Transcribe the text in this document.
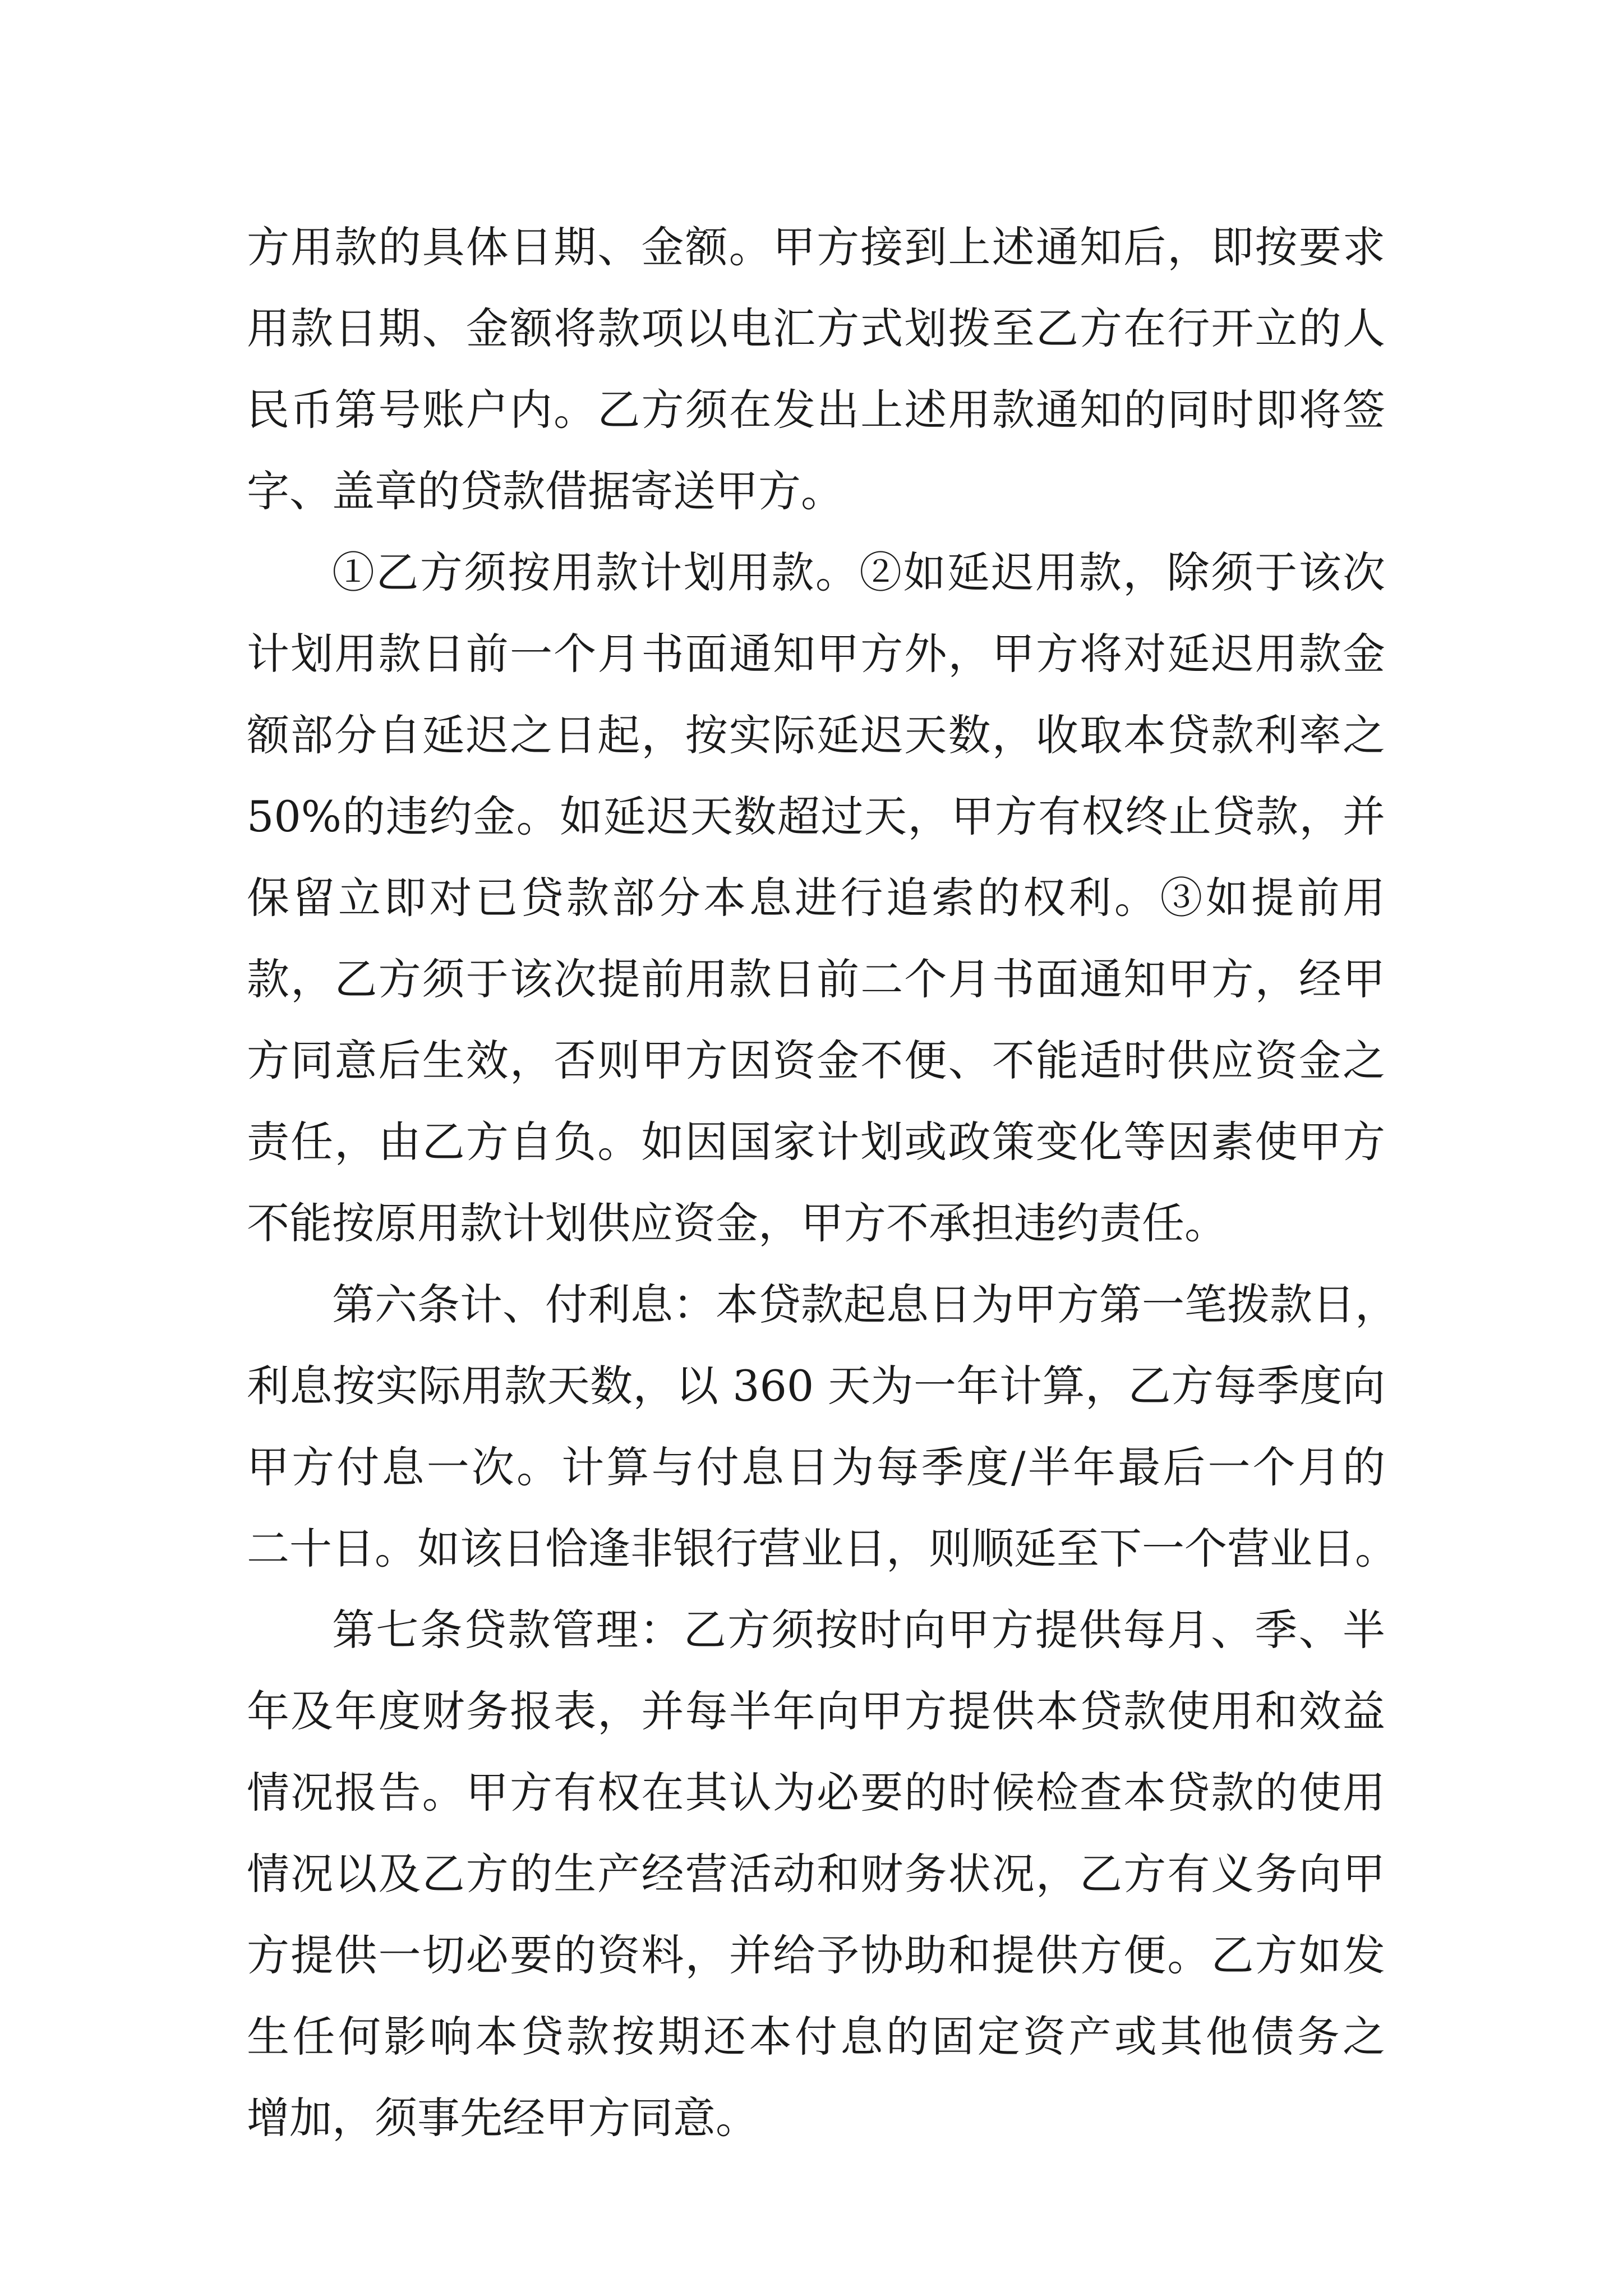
方用款的具体日期、金额。甲方接到上述通知后，即按要求
用款日期、金额将款项以电汇方式划拨至乙方在行开立的人
民币第号账户内。乙方须在发出上述用款通知的同时即将签
字、盖章的贷款借据寄送甲方。
①乙方须按用款计划用款。②如延迟用款，除须于该次
计划用款日前一个月书面通知甲方外，甲方将对延迟用款金
额部分自延迟之日起，按实际延迟天数，收取本贷款利率之
50%的违约金。如延迟天数超过天，甲方有权终止贷款，并
保留立即对已贷款部分本息进行追索的权利。③如提前用
款，乙方须于该次提前用款日前二个月书面通知甲方，经甲
方同意后生效，否则甲方因资金不便、不能适时供应资金之
责任，由乙方自负。如因国家计划或政策变化等因素使甲方
不能按原用款计划供应资金，甲方不承担违约责任。
第六条计、付利息：本贷款起息日为甲方第一笔拨款日，
利息按实际用款天数，以 360 天为一年计算，乙方每季度向
甲方付息一次。计算与付息日为每季度/半年最后一个月的
二十日。如该日恰逢非银行营业日，则顺延至下一个营业日。
第七条贷款管理：乙方须按时向甲方提供每月、季、半
年及年度财务报表，并每半年向甲方提供本贷款使用和效益
情况报告。甲方有权在其认为必要的时候检查本贷款的使用
情况以及乙方的生产经营活动和财务状况，乙方有义务向甲
方提供一切必要的资料，并给予协助和提供方便。乙方如发
生任何影响本贷款按期还本付息的固定资产或其他债务之
增加，须事先经甲方同意。
